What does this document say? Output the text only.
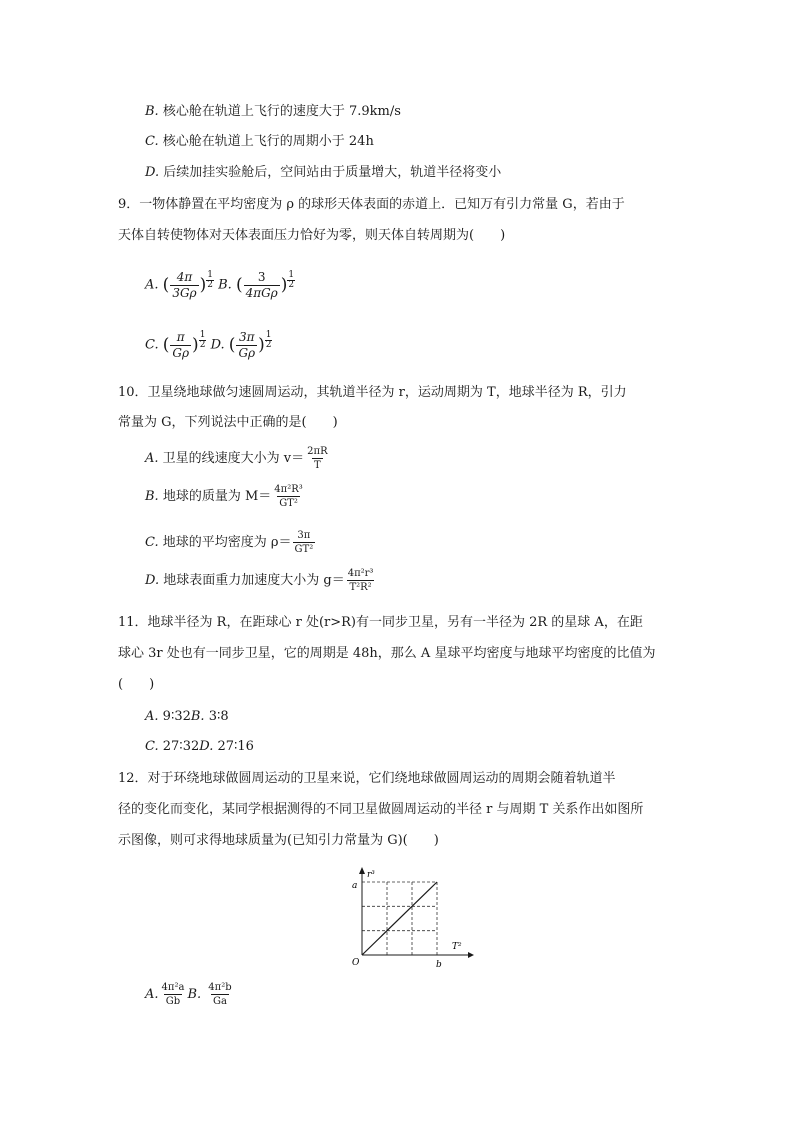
B. 核心舱在轨道上飞行的速度大于 7.9km/s
C. 核心舱在轨道上飞行的周期小于 24h
D. 后续加挂实验舱后，空间站由于质量增大，轨道半径将变小
9．一物体静置在平均密度为 ρ 的球形天体表面的赤道上．已知万有引力常量 G，若由于
天体自转使物体对天体表面压力恰好为零，则天体自转周期为(　　)
A. ( $\frac{4\pi}{3G\rho}$ ) $\frac{1}{2} B$. ( $\frac{3}{\text{4πGρ}}$ ) $\frac{1}{2}$
C. ( $\frac{\pi}{G\rho}$ ) $\frac{1}{2} D$. ( $\frac{3\pi}{G\rho}$ ) $\frac{1}{2}$
10．卫星绕地球做匀速圆周运动，其轨道半径为 r，运动周期为 T，地球半径为 R，引力
常量为 G，下列说法中正确的是(　　)
A. 卫星的线速度大小为 $v= \frac{2\pi R}{T}$
B. 地球的质量为 $M= \frac{\text{4π²R³}}{\text{GT²}}$
C. 地球的平均密度为 $\rho= \frac{3\pi}{\text{GT²}}$
D. 地球表面重力加速度大小为 $g= \frac{\text{4π²r³}}{\text{T²R²}}$
11．地球半径为 R，在距球心 r 处(r>R)有一同步卫星，另有一半径为 2R 的星球 A，在距
球心 3r 处也有一同步卫星，它的周期是 48h，那么 A 星球平均密度与地球平均密度的比值为
(　　)
A. 9∶32B. 3∶8
C. 27∶32D. 27∶16
12．对于环绕地球做圆周运动的卫星来说，它们绕地球做圆周运动的周期会随着轨道半
径的变化而变化，某同学根据测得的不同卫星做圆周运动的半径 r 与周期 T 关系作出如图所
示图像，则可求得地球质量为(已知引力常量为 G)(　　)
r³
T²
O	b
a
A. $\frac{\text{4π²a}}{Gb} B$. $\frac{\text{4π²b}}{Ga}$
